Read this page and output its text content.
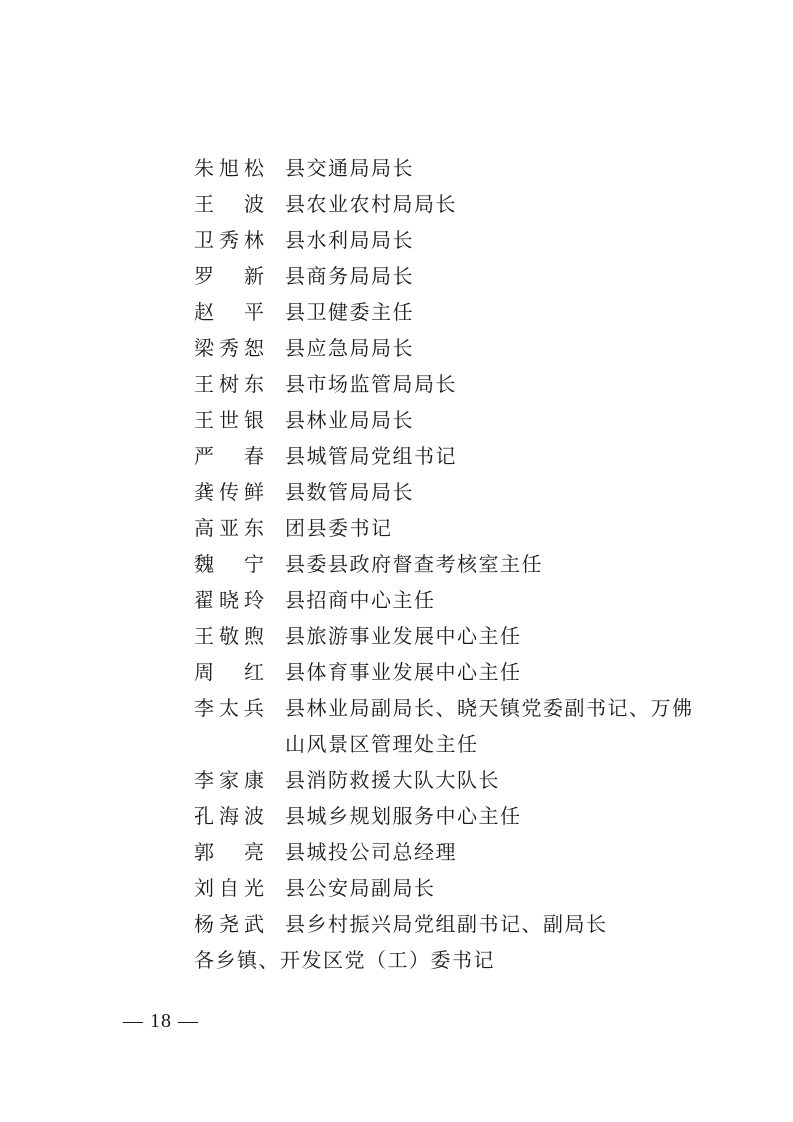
朱旭松 县交通局局长
王　波 县农业农村局局长
卫秀林 县水利局局长
罗　新 县商务局局长
赵　平 县卫健委主任
梁秀恕 县应急局局长
王树东 县市场监管局局长
王世银 县林业局局长
严　春 县城管局党组书记
龚传鲜 县数管局局长
高亚东 团县委书记
魏　宁 县委县政府督查考核室主任
翟晓玲 县招商中心主任
王敬煦 县旅游事业发展中心主任
周　红 县体育事业发展中心主任
李太兵 县林业局副局长、晓天镇党委副书记、万佛山风景区管理处主任
李家康 县消防救援大队大队长
孔海波 县城乡规划服务中心主任
郭　亮 县城投公司总经理
刘自光 县公安局副局长
杨尧武 县乡村振兴局党组副书记、副局长
各乡镇、开发区党（工）委书记
— 18 —
